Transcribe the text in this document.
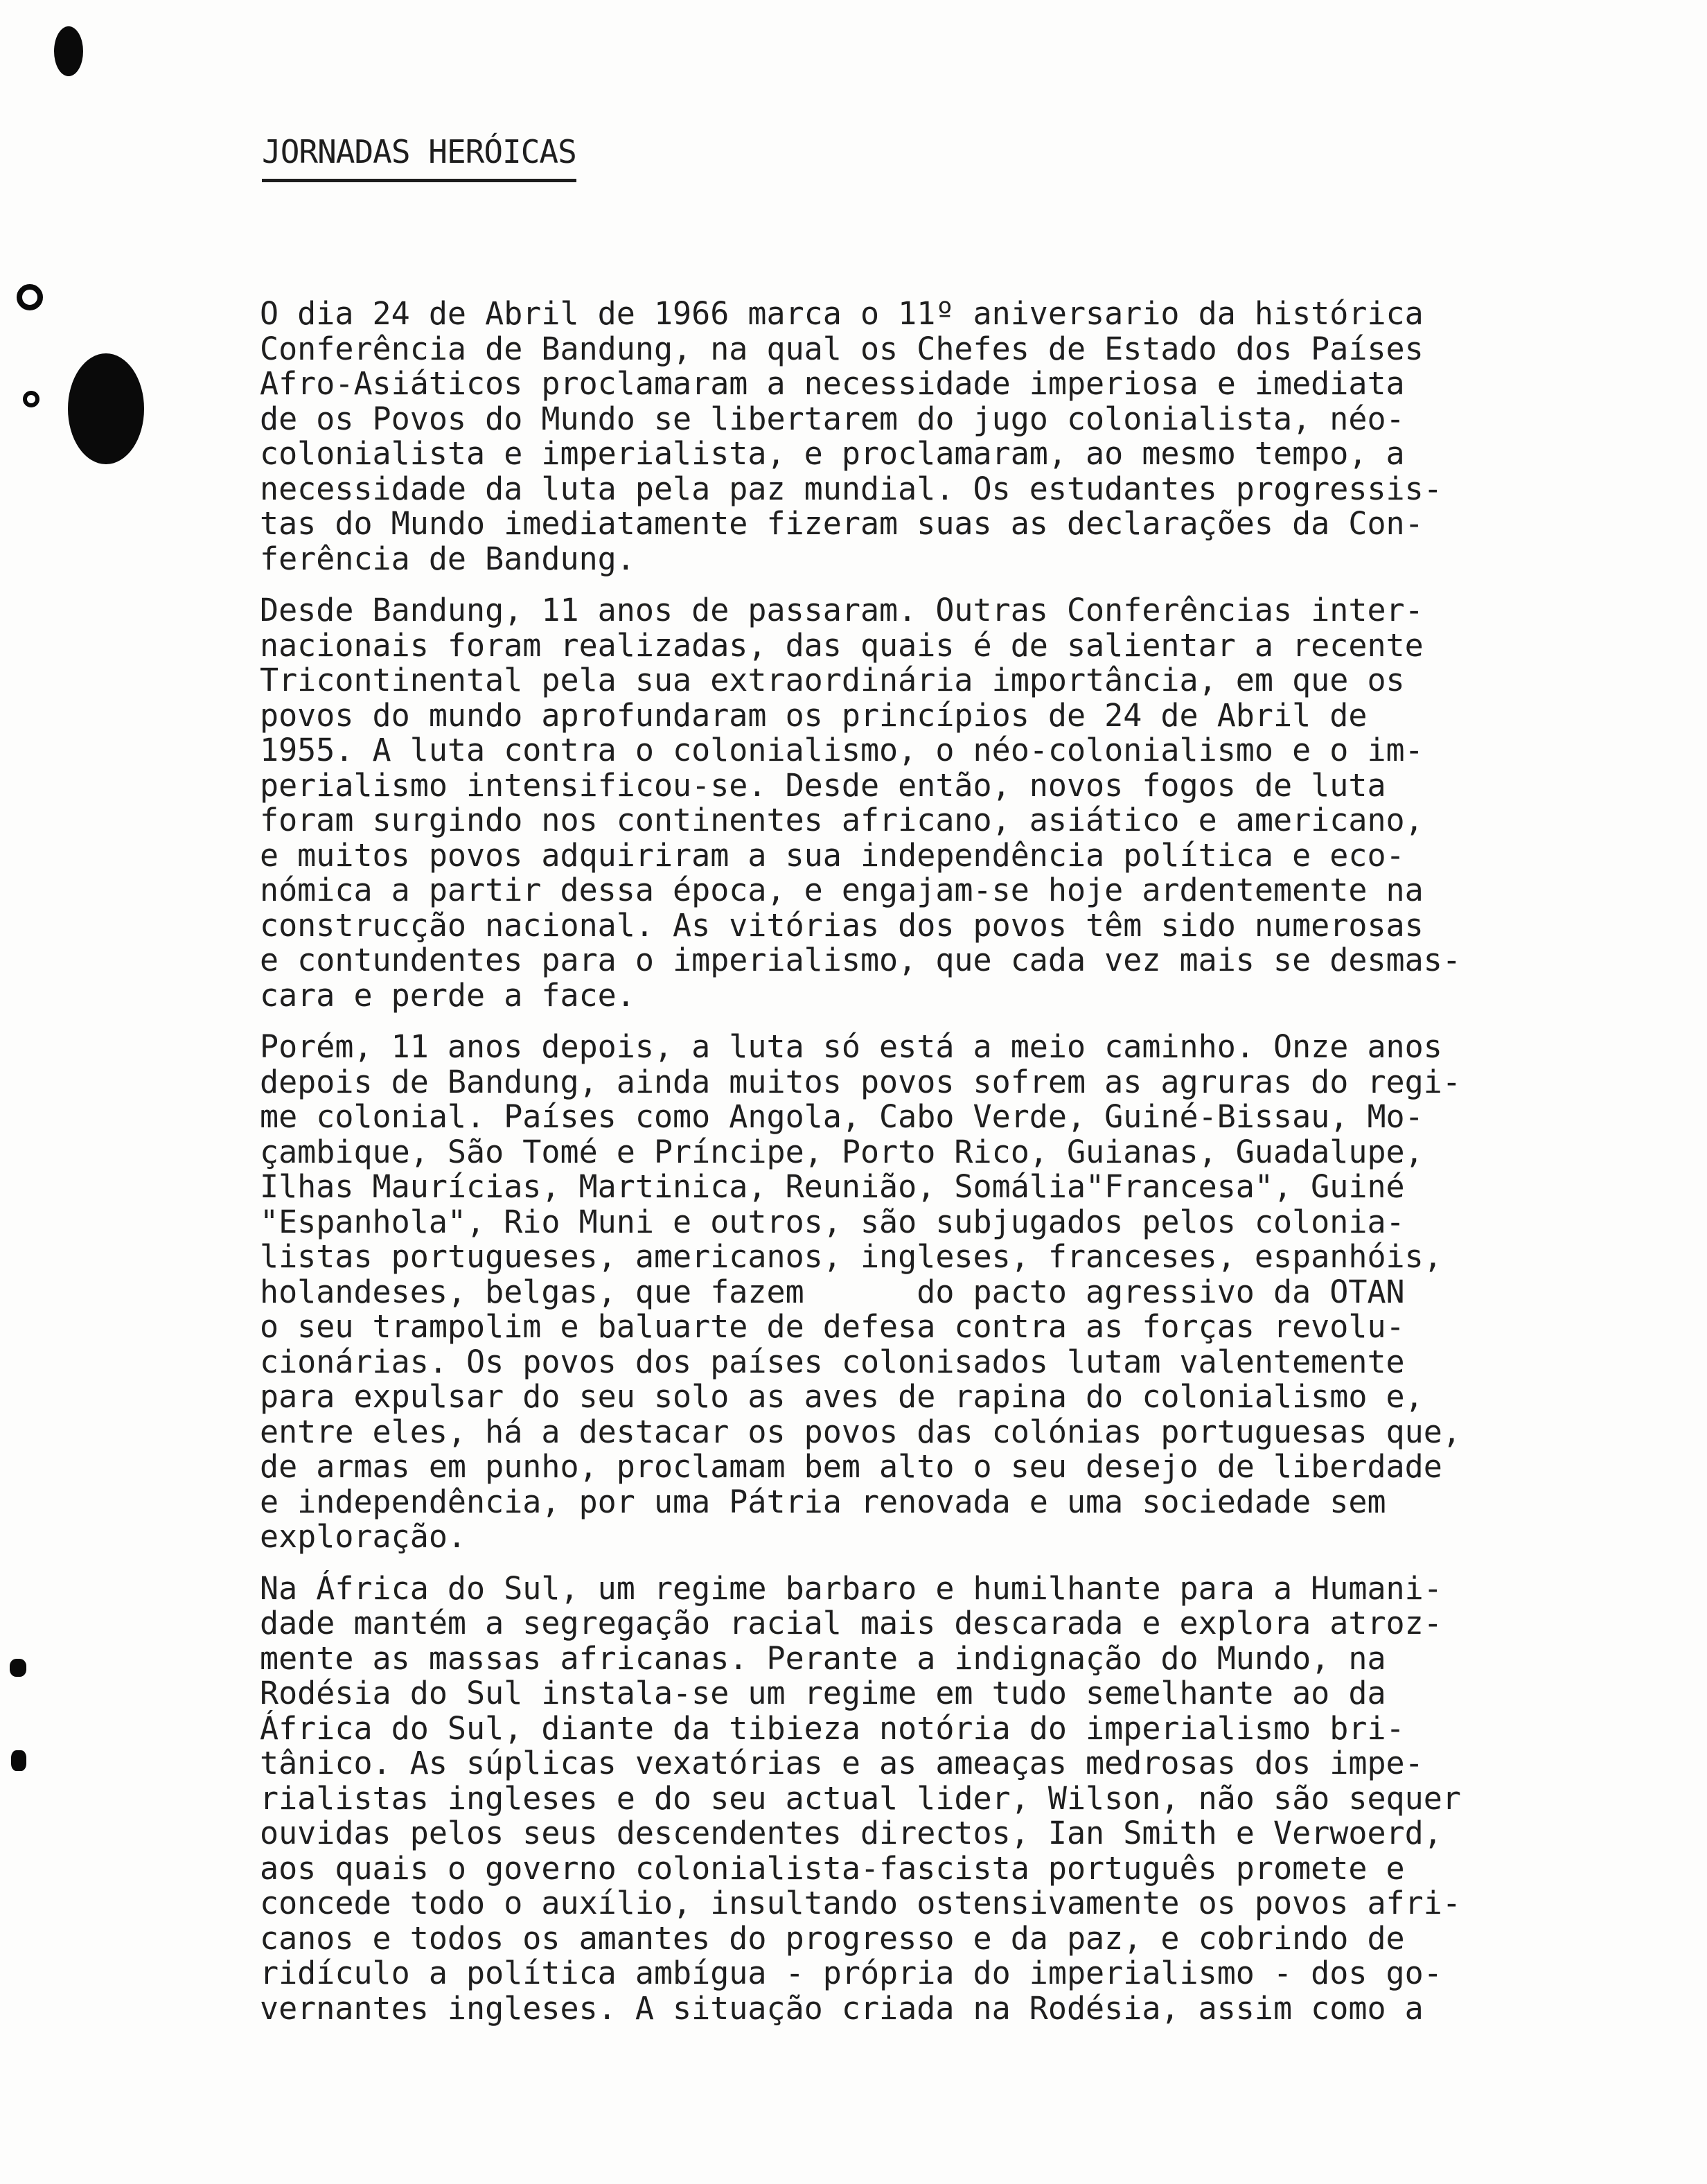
JORNADAS HERÓICAS

O dia 24 de Abril de 1966 marca o 11º aniversario da histórica
Conferência de Bandung, na qual os Chefes de Estado dos Países
Afro-Asiáticos proclamaram a necessidade imperiosa e imediata
de os Povos do Mundo se libertarem do jugo colonialista, néo-
colonialista e imperialista, e proclamaram, ao mesmo tempo, a
necessidade da luta pela paz mundial. Os estudantes progressis-
tas do Mundo imediatamente fizeram suas as declarações da Con-
ferência de Bandung.

Desde Bandung, 11 anos de passaram. Outras Conferências inter-
nacionais foram realizadas, das quais é de salientar a recente
Tricontinental pela sua extraordinária importância, em que os
povos do mundo aprofundaram os princípios de 24 de Abril de
1955. A luta contra o colonialismo, o néo-colonialismo e o im-
perialismo intensificou-se. Desde então, novos fogos de luta
foram surgindo nos continentes africano, asiático e americano,
e muitos povos adquiriram a sua independência política e eco-
nómica a partir dessa época, e engajam-se hoje ardentemente na
construcção nacional. As vitórias dos povos têm sido numerosas
e contundentes para o imperialismo, que cada vez mais se desmas-
cara e perde a face.

Porém, 11 anos depois, a luta só está a meio caminho. Onze anos
depois de Bandung, ainda muitos povos sofrem as agruras do regi-
me colonial. Países como Angola, Cabo Verde, Guiné-Bissau, Mo-
çambique, São Tomé e Príncipe, Porto Rico, Guianas, Guadalupe,
Ilhas Maurícias, Martinica, Reunião, Somália"Francesa", Guiné
"Espanhola", Rio Muni e outros, são subjugados pelos colonia-
listas portugueses, americanos, ingleses, franceses, espanhóis,
holandeses, belgas, que fazem      do pacto agressivo da OTAN
o seu trampolim e baluarte de defesa contra as forças revolu-
cionárias. Os povos dos países colonisados lutam valentemente
para expulsar do seu solo as aves de rapina do colonialismo e,
entre eles, há a destacar os povos das colónias portuguesas que,
de armas em punho, proclamam bem alto o seu desejo de liberdade
e independência, por uma Pátria renovada e uma sociedade sem
exploração.

Na África do Sul, um regime barbaro e humilhante para a Humani-
dade mantém a segregação racial mais descarada e explora atroz-
mente as massas africanas. Perante a indignação do Mundo, na
Rodésia do Sul instala-se um regime em tudo semelhante ao da
África do Sul, diante da tibieza notória do imperialismo bri-
tânico. As súplicas vexatórias e as ameaças medrosas dos impe-
rialistas ingleses e do seu actual lider, Wilson, não são sequer
ouvidas pelos seus descendentes directos, Ian Smith e Verwoerd,
aos quais o governo colonialista-fascista português promete e
concede todo o auxílio, insultando ostensivamente os povos afri-
canos e todos os amantes do progresso e da paz, e cobrindo de
ridículo a política ambígua - própria do imperialismo - dos go-
vernantes ingleses. A situação criada na Rodésia, assim como a
